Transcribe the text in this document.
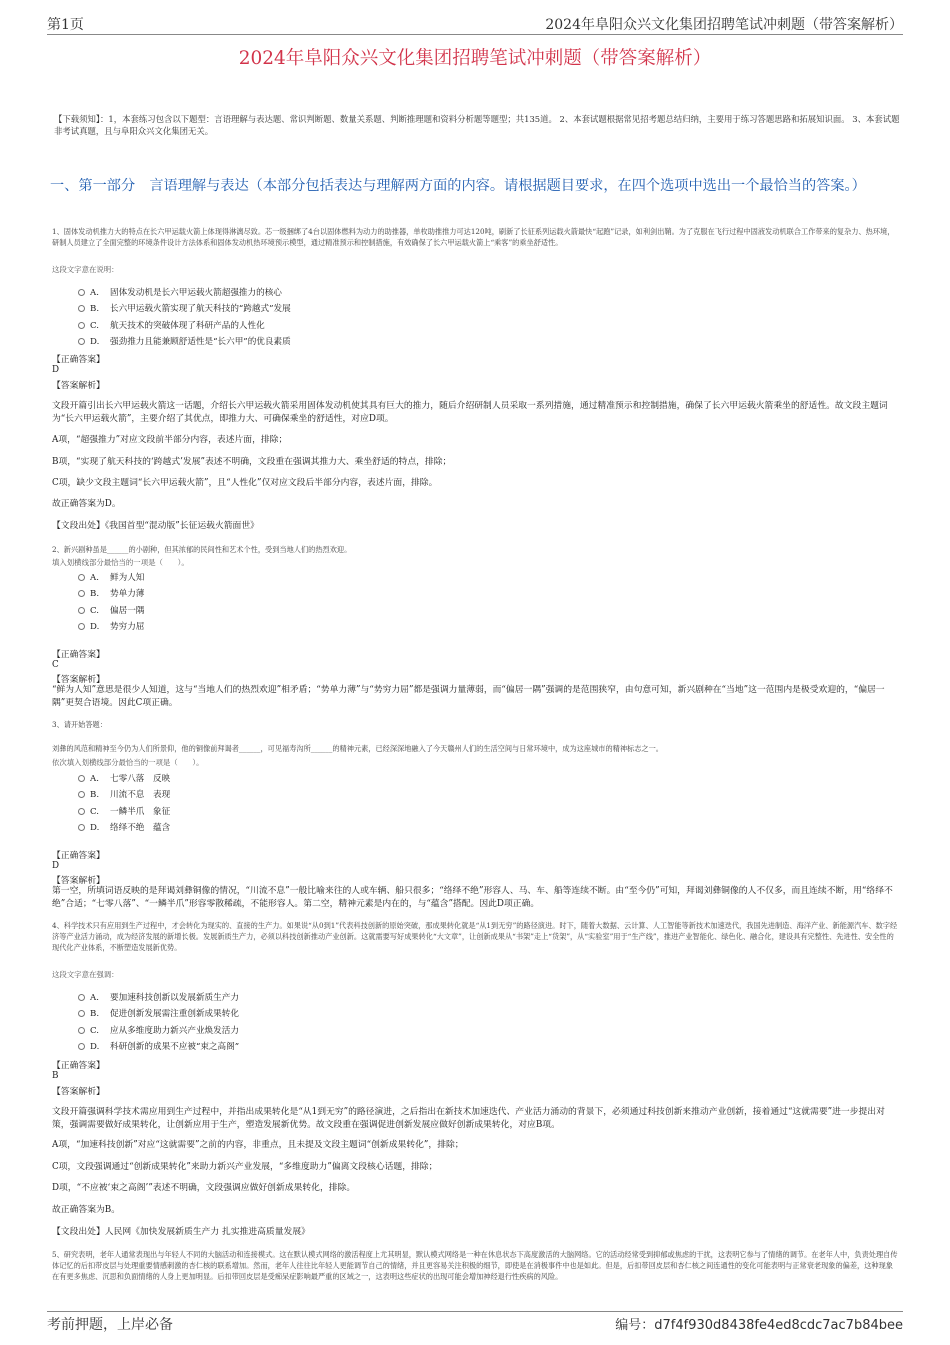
第1页	2024年阜阳众兴文化集团招聘笔试冲刺题（带答案解析）
2024年阜阳众兴文化集团招聘笔试冲刺题（带答案解析）
【下载须知】：1，本套练习包含以下题型：言语理解与表达题、常识判断题、数量关系题、判断推理题和资料分析题等题型；共135道。 2、本套试题根据常见招考题总结归纳，主要用于练习答题思路和拓展知识面。 3、本套试题非考试真题，且与阜阳众兴文化集团无关。
一、第一部分　言语理解与表达（本部分包括表达与理解两方面的内容。请根据题目要求，在四个选项中选出一个最恰当的答案。）
1、固体发动机推力大的特点在长六甲运载火箭上体现得淋漓尽致。芯一级捆绑了4台以固体燃料为动力的助推器，单枚助推推力可达120吨，刷新了长征系列运载火箭最快“起跑”记录，如利剑出鞘。为了克服在飞行过程中固液发动机联合工作带来的复杂力、热环境，研制人员建立了全面完整的环境条件设计方法体系和固体发动机热环境预示模型，通过精准预示和控制措施，有效确保了长六甲运载火箭上“乘客”的乘坐舒适性。
这段文字意在说明：
A. 固体发动机是长六甲运载火箭超强推力的核心
B. 长六甲运载火箭实现了航天科技的“跨越式”发展
C. 航天技术的突破体现了科研产品的人性化
D. 强劲推力且能兼顾舒适性是“长六甲”的优良素质
【正确答案】
D
【答案解析】
文段开篇引出长六甲运载火箭这一话题，介绍长六甲运载火箭采用固体发动机使其具有巨大的推力，随后介绍研制人员采取一系列措施，通过精准预示和控制措施，确保了长六甲运载火箭乘坐的舒适性。故文段主题词为“长六甲运载火箭”，主要介绍了其优点，即推力大、可确保乘坐的舒适性，对应D项。
A项，“超强推力”对应文段前半部分内容，表述片面，排除；
B项，“实现了航天科技的‘跨越式’发展”表述不明确，文段重在强调其推力大、乘坐舒适的特点，排除；
C项，缺少文段主题词“长六甲运载火箭”，且“人性化”仅对应文段后半部分内容，表述片面，排除。
故正确答案为D。
【文段出处】《我国首型“混动版”长征运载火箭面世》
2、新兴剧种虽是______的小剧种，但其浓郁的民间性和艺术个性，受到当地人们的热烈欢迎。
填入划横线部分最恰当的一项是（　　）。
A. 鲜为人知
B. 势单力薄
C. 偏居一隅
D. 势穷力屈
【正确答案】
C
【答案解析】
“鲜为人知”意思是很少人知道，这与“当地人们的热烈欢迎”相矛盾；“势单力薄”与“势穷力屈”都是强调力量薄弱，而“偏居一隅”强调的是范围狭窄，由句意可知，新兴剧种在“当地”这一范围内是极受欢迎的，“偏居一隅”更契合语境。因此C项正确。
3、请开始答题：
刘彝的风范和精神至今仍为人们所景仰，他的铜像前拜谒者______，可见福寿沟所______的精神元素，已经深深地融入了今天赣州人们的生活空间与日常环境中，成为这座城市的精神标志之一。
依次填入划横线部分最恰当的一项是（　　）。
A. 七零八落　反映
B. 川流不息　表现
C. 一鳞半爪　象征
D. 络绎不绝　蕴含
【正确答案】
D
【答案解析】
第一空，所填词语反映的是拜谒刘彝铜像的情况，“川流不息”一般比喻来往的人或车辆、船只很多；“络绎不绝”形容人、马、车、船等连续不断。由“至今仍”可知，拜谒刘彝铜像的人不仅多，而且连续不断，用“络绎不绝”合适；“七零八落”、“一鳞半爪”形容零散稀疏，不能形容人。第二空，精神元素是内在的，与“蕴含”搭配。因此D项正确。
4、科学技术只有应用到生产过程中，才会转化为现实的、直接的生产力。如果说“从0到1”代表科技创新的原始突破，那成果转化就是“从1到无穷”的路径演进。时下，随着大数据、云计算、人工智能等新技术加速迭代，我国先进制造、海洋产业、新能源汽车、数字经济等产业活力涌动，成为经济发展的新增长极。发展新质生产力，必须以科技创新推动产业创新。这就需要写好成果转化“大文章”，让创新成果从“书架”走上“货架”，从“实验室”用于“生产线”，推进产业智能化、绿色化、融合化，建设具有完整性、先进性、安全性的现代化产业体系，不断塑造发展新优势。
这段文字意在强调：
A. 要加速科技创新以发展新质生产力
B. 促进创新发展需注重创新成果转化
C. 应从多维度助力新兴产业焕发活力
D. 科研创新的成果不应被“束之高阁”
【正确答案】
B
【答案解析】
文段开篇强调科学技术需应用到生产过程中，并指出成果转化是“从1到无穷”的路径演进，之后指出在新技术加速迭代、产业活力涌动的背景下，必须通过科技创新来推动产业创新，接着通过“这就需要”进一步提出对策，强调需要做好成果转化，让创新应用于生产，塑造发展新优势。故文段重在强调促进创新发展应做好创新成果转化，对应B项。
A项，“加速科技创新”对应“这就需要”之前的内容，非重点，且未提及文段主题词“创新成果转化”，排除；
C项，文段强调通过“创新成果转化”来助力新兴产业发展，“多维度助力”偏离文段核心话题，排除；
D项，“不应被‘束之高阁’”表述不明确，文段强调应做好创新成果转化，排除。
故正确答案为B。
【文段出处】人民网《加快发展新质生产力 扎实推进高质量发展》
5、研究表明，老年人通常表现出与年轻人不同的大脑活动和连接模式。这在默认模式网络的激活程度上尤其明显，默认模式网络是一种在休息状态下高度激活的大脑网络。它的活动经常受到抑郁或焦虑的干扰，这表明它参与了情绪的调节。在老年人中，负责处理自传体记忆的后扣带皮层与处理重要情感刺激的杏仁核的联系增加。然而，老年人往往比年轻人更能调节自己的情绪，并且更容易关注积极的细节，即使是在消极事件中也是如此。但是，后扣带回皮层和杏仁核之间连通性的变化可能表明与正常衰老现象的偏差，这种现象在有更多焦虑、沉思和负面情绪的人身上更加明显。后扣带回皮层是受痴呆症影响最严重的区域之一，这表明这些症状的出现可能会增加神经退行性疾病的风险。
考前押题，上岸必备	编号：d7f4f930d8438fe4ed8cdc7ac7b84bee
